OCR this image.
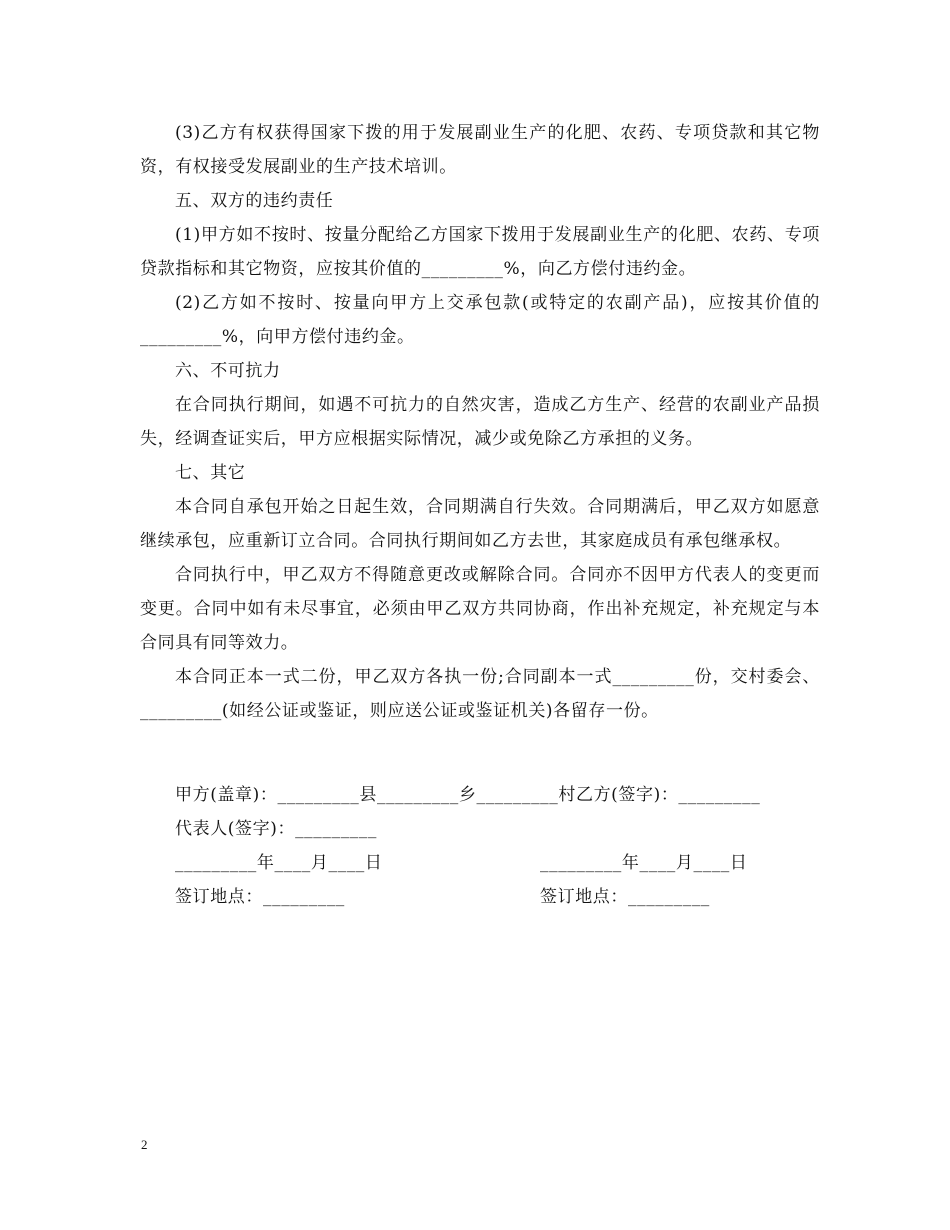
(3)乙方有权获得国家下拨的用于发展副业生产的化肥、农药、专项贷款和其它物资，有权接受发展副业的生产技术培训。

五、双方的违约责任

(1)甲方如不按时、按量分配给乙方国家下拨用于发展副业生产的化肥、农药、专项贷款指标和其它物资，应按其价值的_________%，向乙方偿付违约金。

(2)乙方如不按时、按量向甲方上交承包款(或特定的农副产品)，应按其价值的_________%，向甲方偿付违约金。

六、不可抗力

在合同执行期间，如遇不可抗力的自然灾害，造成乙方生产、经营的农副业产品损失，经调查证实后，甲方应根据实际情况，减少或免除乙方承担的义务。

七、其它

本合同自承包开始之日起生效，合同期满自行失效。合同期满后，甲乙双方如愿意继续承包，应重新订立合同。合同执行期间如乙方去世，其家庭成员有承包继承权。

合同执行中，甲乙双方不得随意更改或解除合同。合同亦不因甲方代表人的变更而变更。合同中如有未尽事宜，必须由甲乙双方共同协商，作出补充规定，补充规定与本合同具有同等效力。

本合同正本一式二份，甲乙双方各执一份;合同副本一式_________份，交村委会、_________(如经公证或鉴证，则应送公证或鉴证机关)各留存一份。

甲方(盖章)：_________县_________乡_________村乙方(签字)：_________
代表人(签字)：_________
_________年____月____日	_________年____月____日
签订地点：_________	签订地点：_________
2
